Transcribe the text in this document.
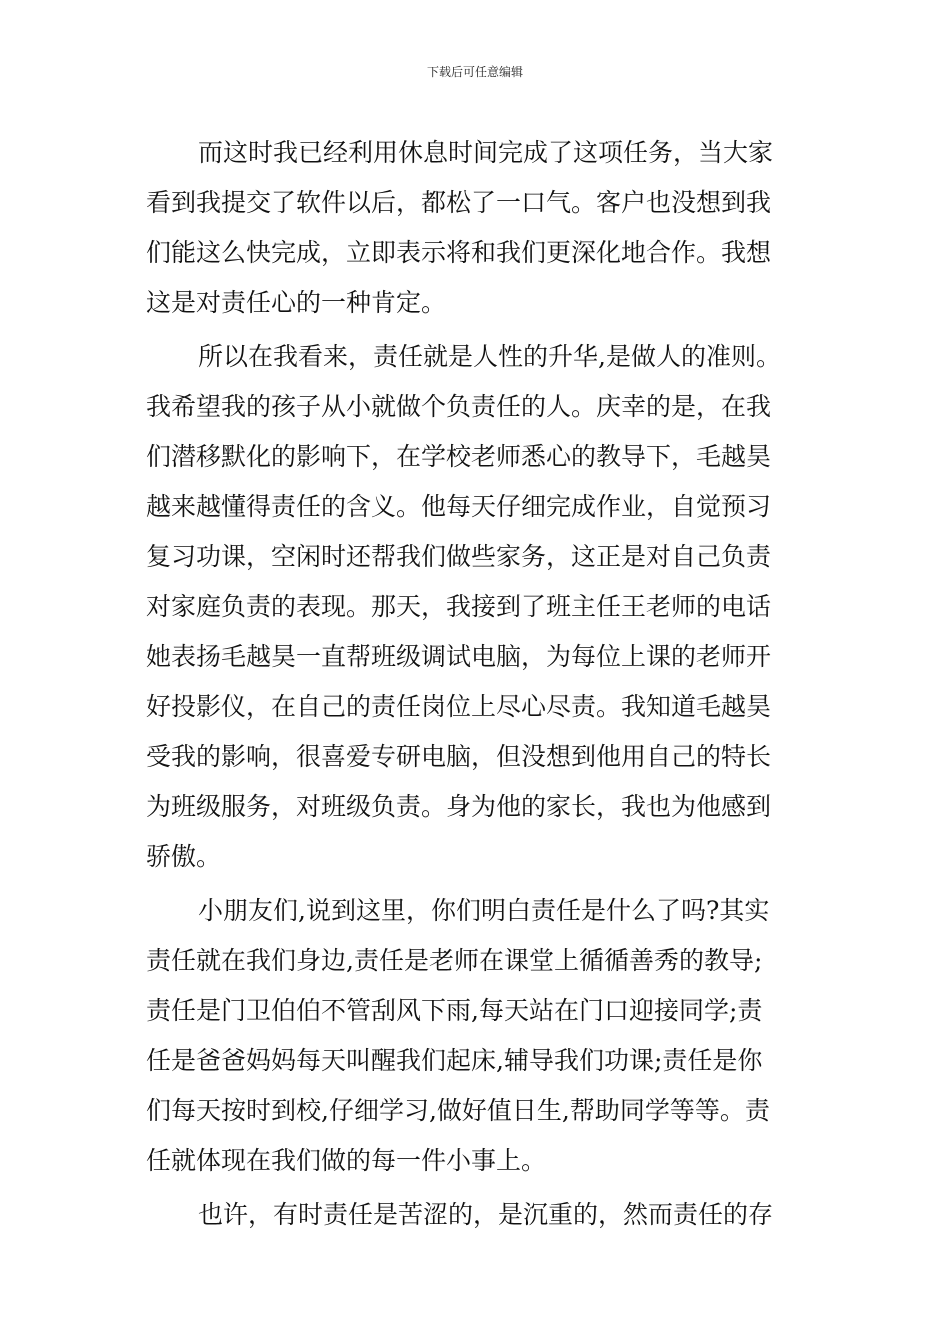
下载后可任意编辑
而这时我已经利用休息时间完成了这项任务，当大家
看到我提交了软件以后，都松了一口气。客户也没想到我
们能这么快完成，立即表示将和我们更深化地合作。我想
这是对责任心的一种肯定。
所以在我看来，责任就是人性的升华,是做人的准则。
我希望我的孩子从小就做个负责任的人。庆幸的是，在我
们潜移默化的影响下，在学校老师悉心的教导下，毛越昊
越来越懂得责任的含义。他每天仔细完成作业，自觉预习
复习功课，空闲时还帮我们做些家务，这正是对自己负责
对家庭负责的表现。那天，我接到了班主任王老师的电话
她表扬毛越昊一直帮班级调试电脑，为每位上课的老师开
好投影仪，在自己的责任岗位上尽心尽责。我知道毛越昊
受我的影响，很喜爱专研电脑，但没想到他用自己的特长
为班级服务，对班级负责。身为他的家长，我也为他感到
骄傲。
小朋友们,说到这里，你们明白责任是什么了吗?其实
责任就在我们身边,责任是老师在课堂上循循善秀的教导;
责任是门卫伯伯不管刮风下雨,每天站在门口迎接同学;责
任是爸爸妈妈每天叫醒我们起床,辅导我们功课;责任是你
们每天按时到校,仔细学习,做好值日生,帮助同学等等。责
任就体现在我们做的每一件小事上。
也许，有时责任是苦涩的，是沉重的，然而责任的存
